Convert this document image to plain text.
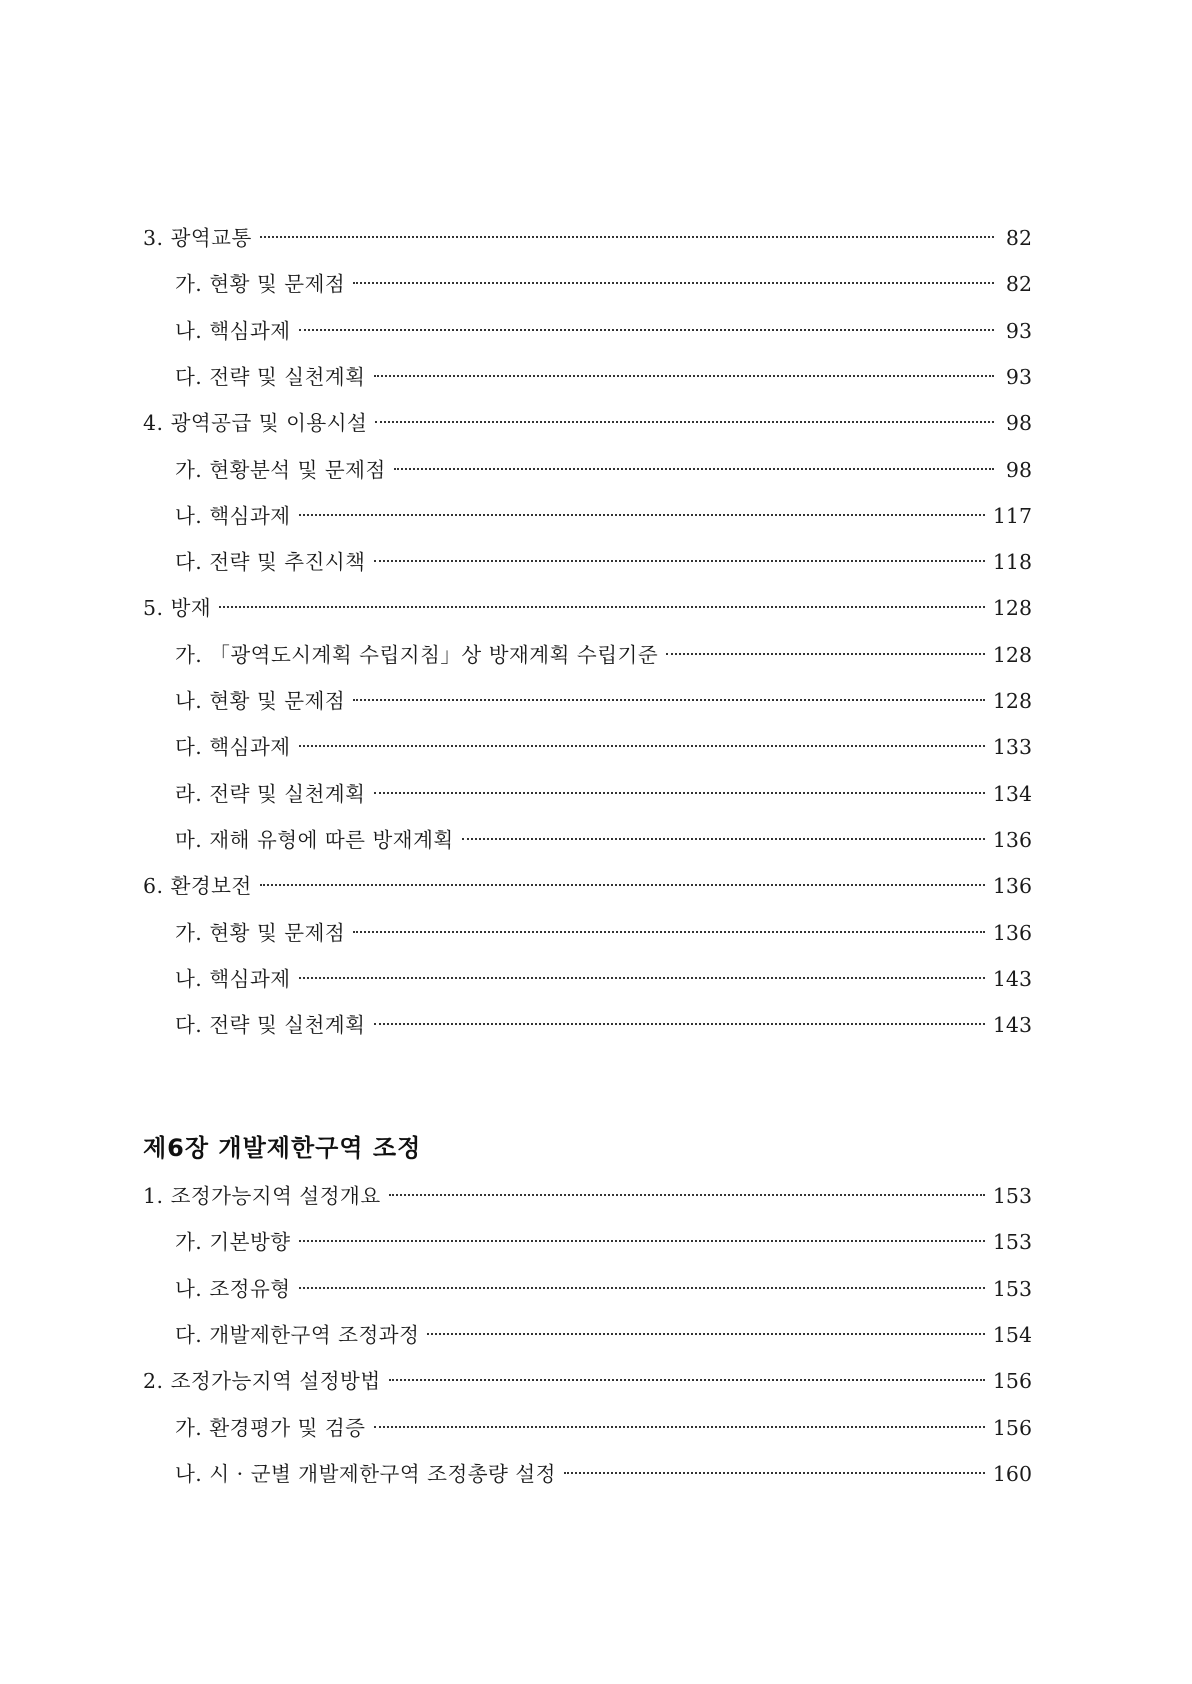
3. 광역교통	82
가. 현황 및 문제점	82
나. 핵심과제	93
다. 전략 및 실천계획	93
4. 광역공급 및 이용시설	98
가. 현황분석 및 문제점	98
나. 핵심과제	117
다. 전략 및 추진시책	118
5. 방재	128
가. 「광역도시계획 수립지침」상 방재계획 수립기준	128
나. 현황 및 문제점	128
다. 핵심과제	133
라. 전략 및 실천계획	134
마. 재해 유형에 따른 방재계획	136
6. 환경보전	136
가. 현황 및 문제점	136
나. 핵심과제	143
다. 전략 및 실천계획	143
제6장 개발제한구역 조정
1. 조정가능지역 설정개요	153
가. 기본방향	153
나. 조정유형	153
다. 개발제한구역 조정과정	154
2. 조정가능지역 설정방법	156
가. 환경평가 및 검증	156
나. 시 · 군별 개발제한구역 조정총량 설정	160
